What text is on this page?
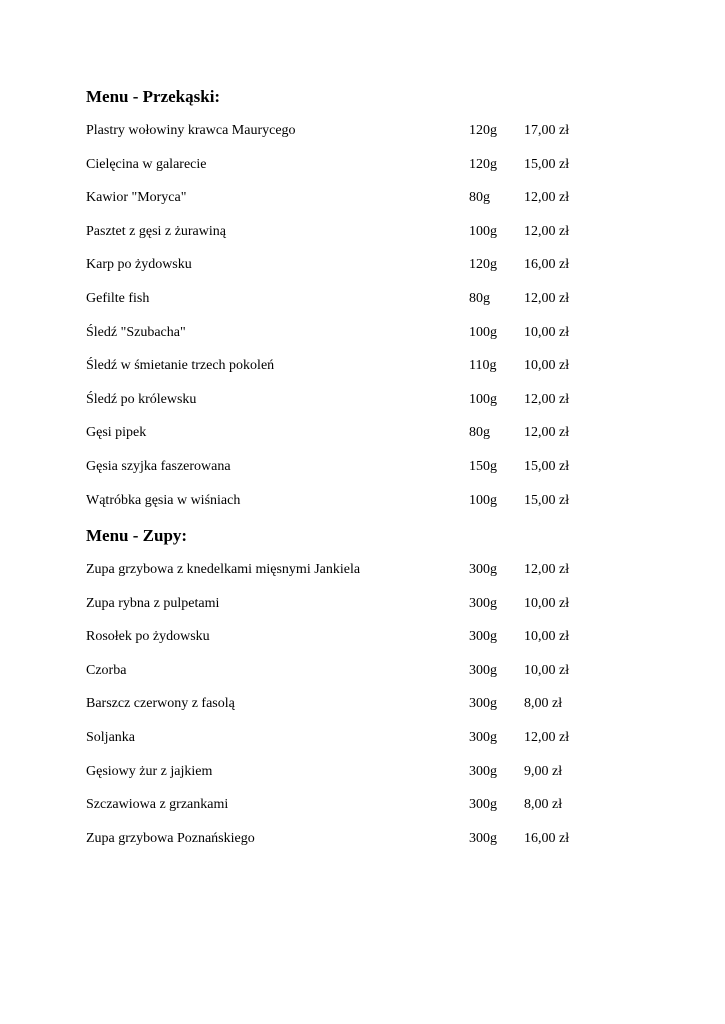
Menu - Przekąski:
Plastry wołowiny krawca Maurycego	120g 17,00 zł
Cielęcina w galarecie	120g 15,00 zł
Kawior "Moryca"	80g 12,00 zł
Pasztet z gęsi z żurawiną	100g 12,00 zł
Karp po żydowsku	120g 16,00 zł
Gefilte fish	80g 12,00 zł
Śledź "Szubacha"	100g 10,00 zł
Śledź w śmietanie trzech pokoleń	110g 10,00 zł
Śledź po królewsku	100g 12,00 zł
Gęsi pipek	80g 12,00 zł
Gęsia szyjka faszerowana	150g 15,00 zł
Wątróbka gęsia w wiśniach	100g 15,00 zł
Menu - Zupy:
Zupa grzybowa z knedelkami mięsnymi Jankiela	300g 12,00 zł
Zupa rybna z pulpetami	300g 10,00 zł
Rosołek po żydowsku	300g 10,00 zł
Czorba	300g 10,00 zł
Barszcz czerwony z fasolą	300g 8,00 zł
Soljanka	300g 12,00 zł
Gęsiowy żur z jajkiem	300g 9,00 zł
Szczawiowa z grzankami	300g 8,00 zł
Zupa grzybowa Poznańskiego	300g 16,00 zł
